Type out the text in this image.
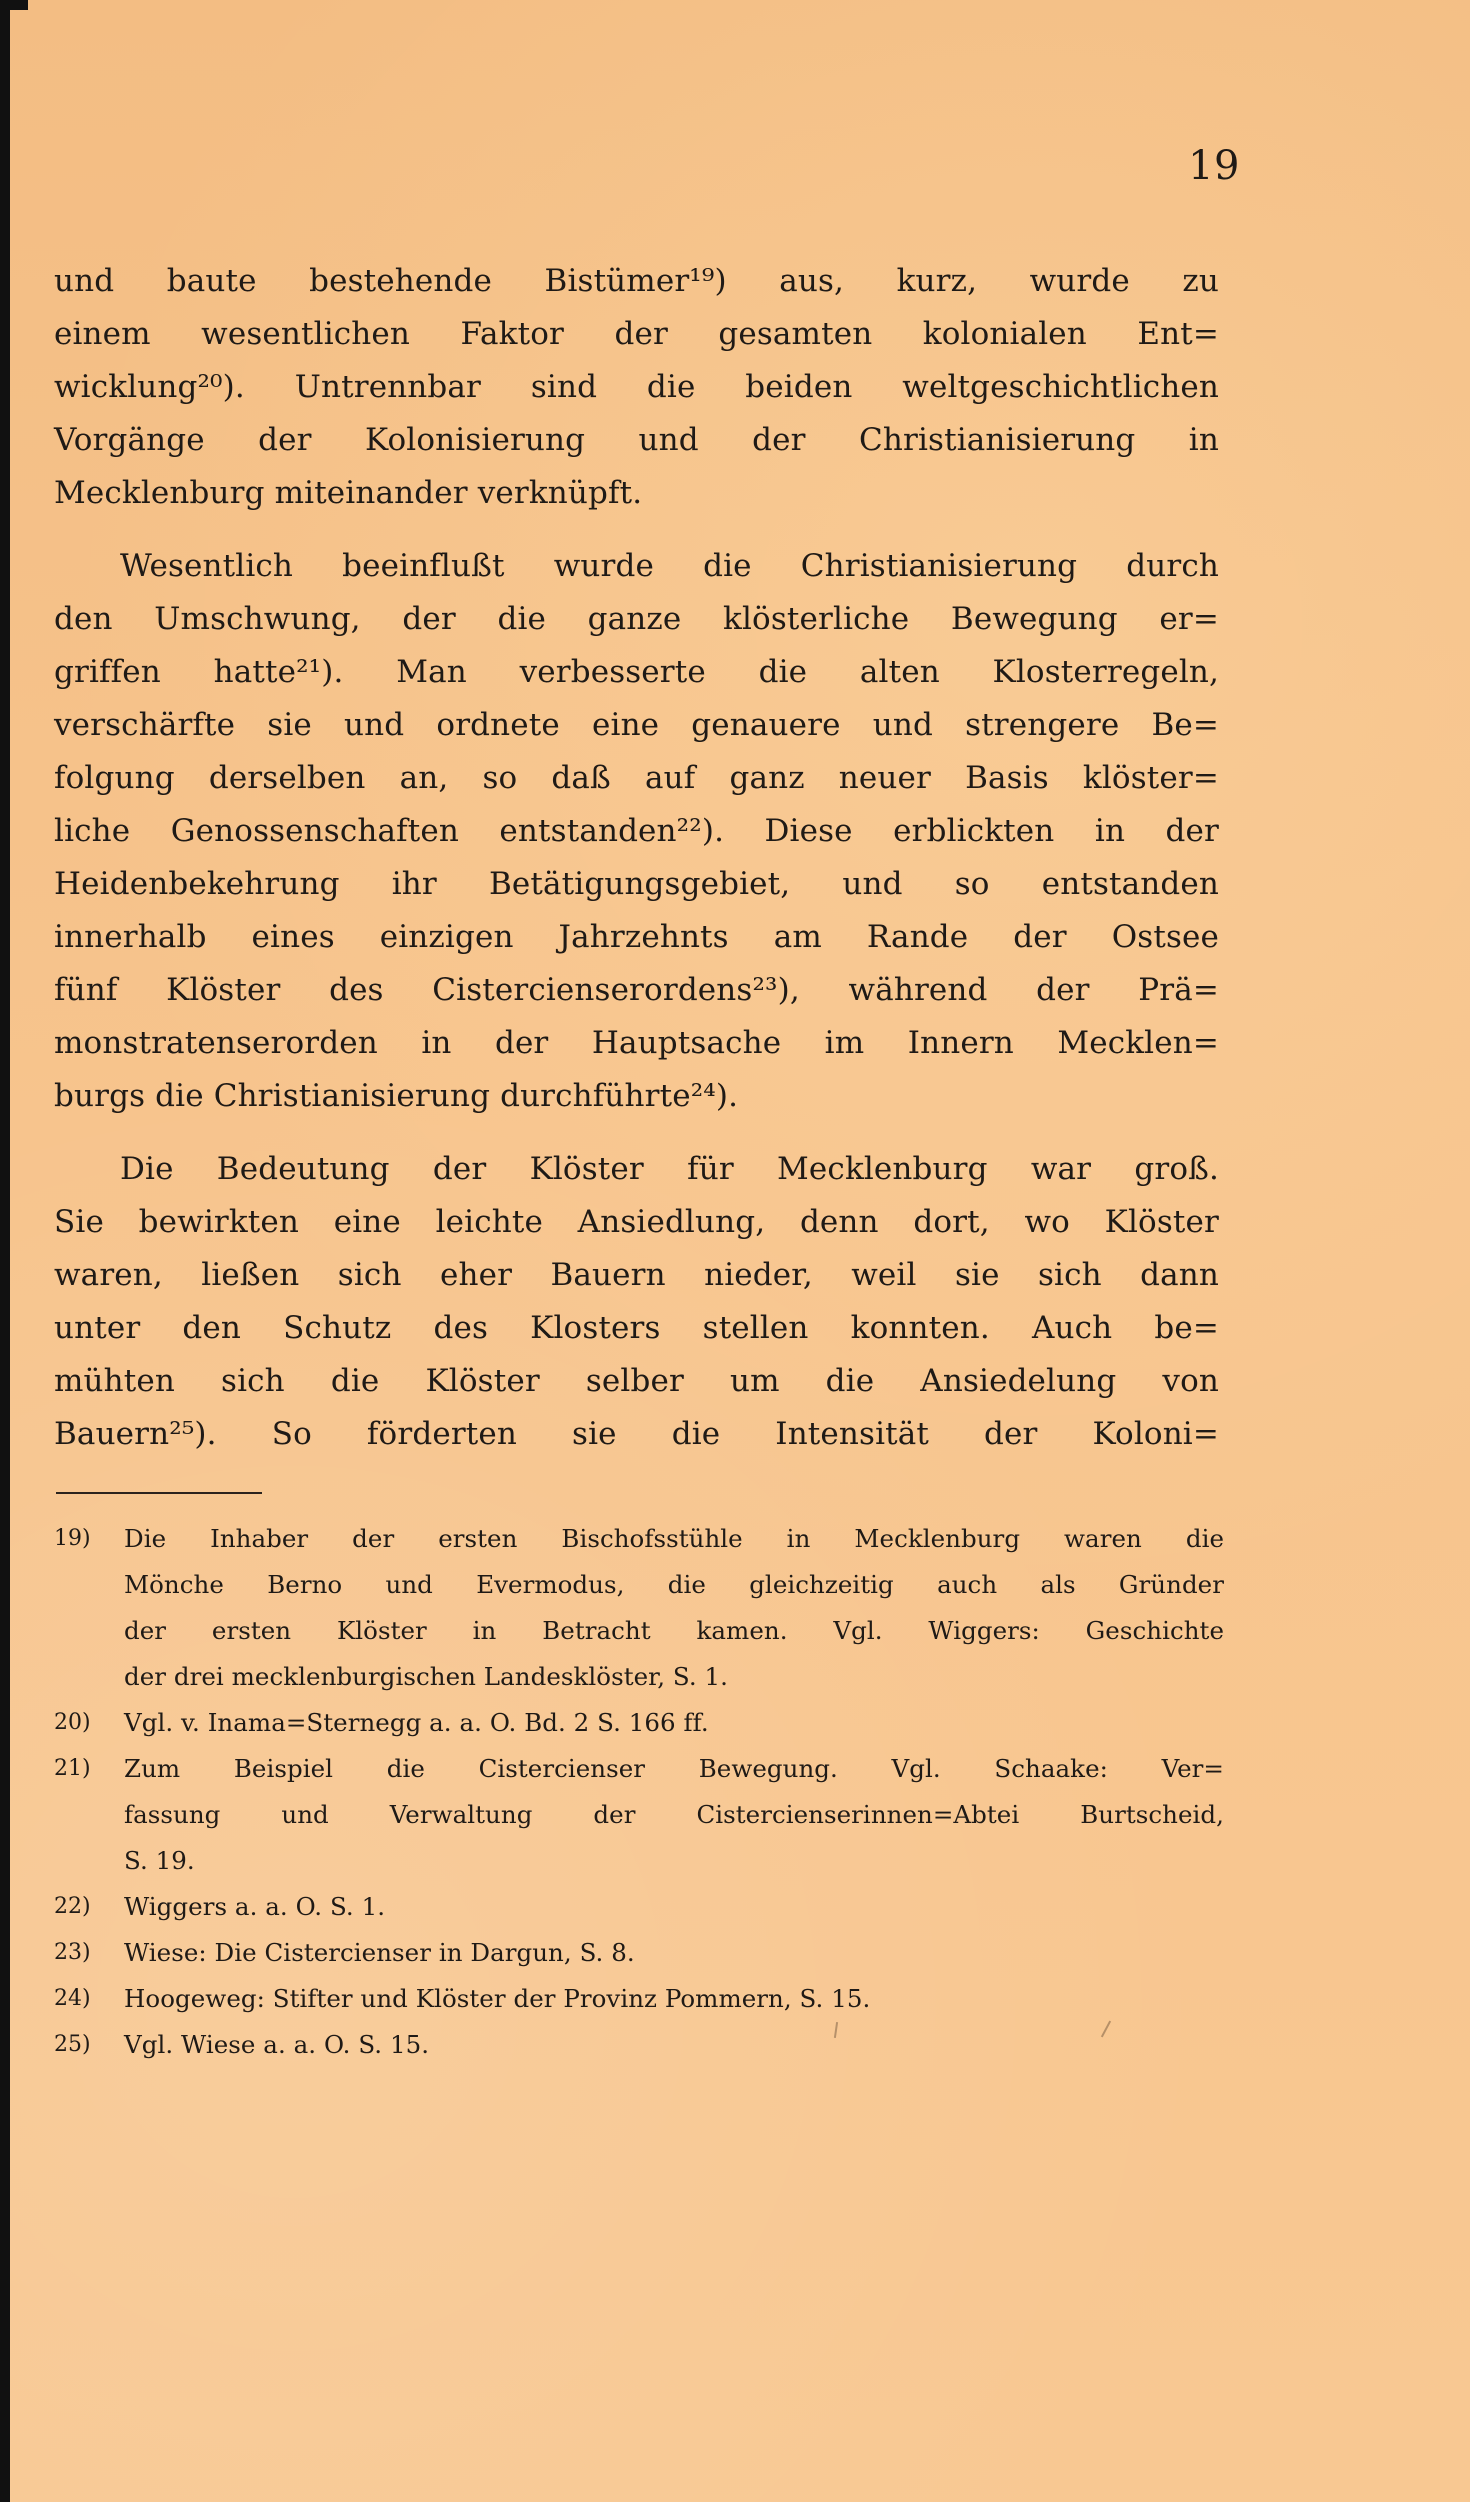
19
und baute bestehende Bistümer¹⁹) aus, kurz, wurde zu
einem wesentlichen Faktor der gesamten kolonialen Ent=
wicklung²⁰). Untrennbar sind die beiden weltgeschichtlichen
Vorgänge der Kolonisierung und der Christianisierung in
Mecklenburg miteinander verknüpft.
Wesentlich beeinflußt wurde die Christianisierung durch
den Umschwung, der die ganze klösterliche Bewegung er=
griffen hatte²¹). Man verbesserte die alten Klosterregeln,
verschärfte sie und ordnete eine genauere und strengere Be=
folgung derselben an, so daß auf ganz neuer Basis klöster=
liche Genossenschaften entstanden²²). Diese erblickten in der
Heidenbekehrung ihr Betätigungsgebiet, und so entstanden
innerhalb eines einzigen Jahrzehnts am Rande der Ostsee
fünf Klöster des Cistercienserordens²³), während der Prä=
monstratenserorden in der Hauptsache im Innern Mecklen=
burgs die Christianisierung durchführte²⁴).
Die Bedeutung der Klöster für Mecklenburg war groß.
Sie bewirkten eine leichte Ansiedlung, denn dort, wo Klöster
waren, ließen sich eher Bauern nieder, weil sie sich dann
unter den Schutz des Klosters stellen konnten. Auch be=
mühten sich die Klöster selber um die Ansiedelung von
Bauern²⁵). So förderten sie die Intensität der Koloni=
19)	Die Inhaber der ersten Bischofsstühle in Mecklenburg waren die
Mönche Berno und Evermodus, die gleichzeitig auch als Gründer
der ersten Klöster in Betracht kamen. Vgl. Wiggers: Geschichte
der drei mecklenburgischen Landesklöster, S. 1.
20)	Vgl. v. Inama=Sternegg a. a. O. Bd. 2 S. 166 ff.
21)	Zum Beispiel die Cistercienser Bewegung. Vgl. Schaake: Ver=
fassung und Verwaltung der Cistercienserinnen=Abtei Burtscheid,
S. 19.
22)	Wiggers a. a. O. S. 1.
23)	Wiese: Die Cistercienser in Dargun, S. 8.
24)	Hoogeweg: Stifter und Klöster der Provinz Pommern, S. 15.
25)	Vgl. Wiese a. a. O. S. 15.
